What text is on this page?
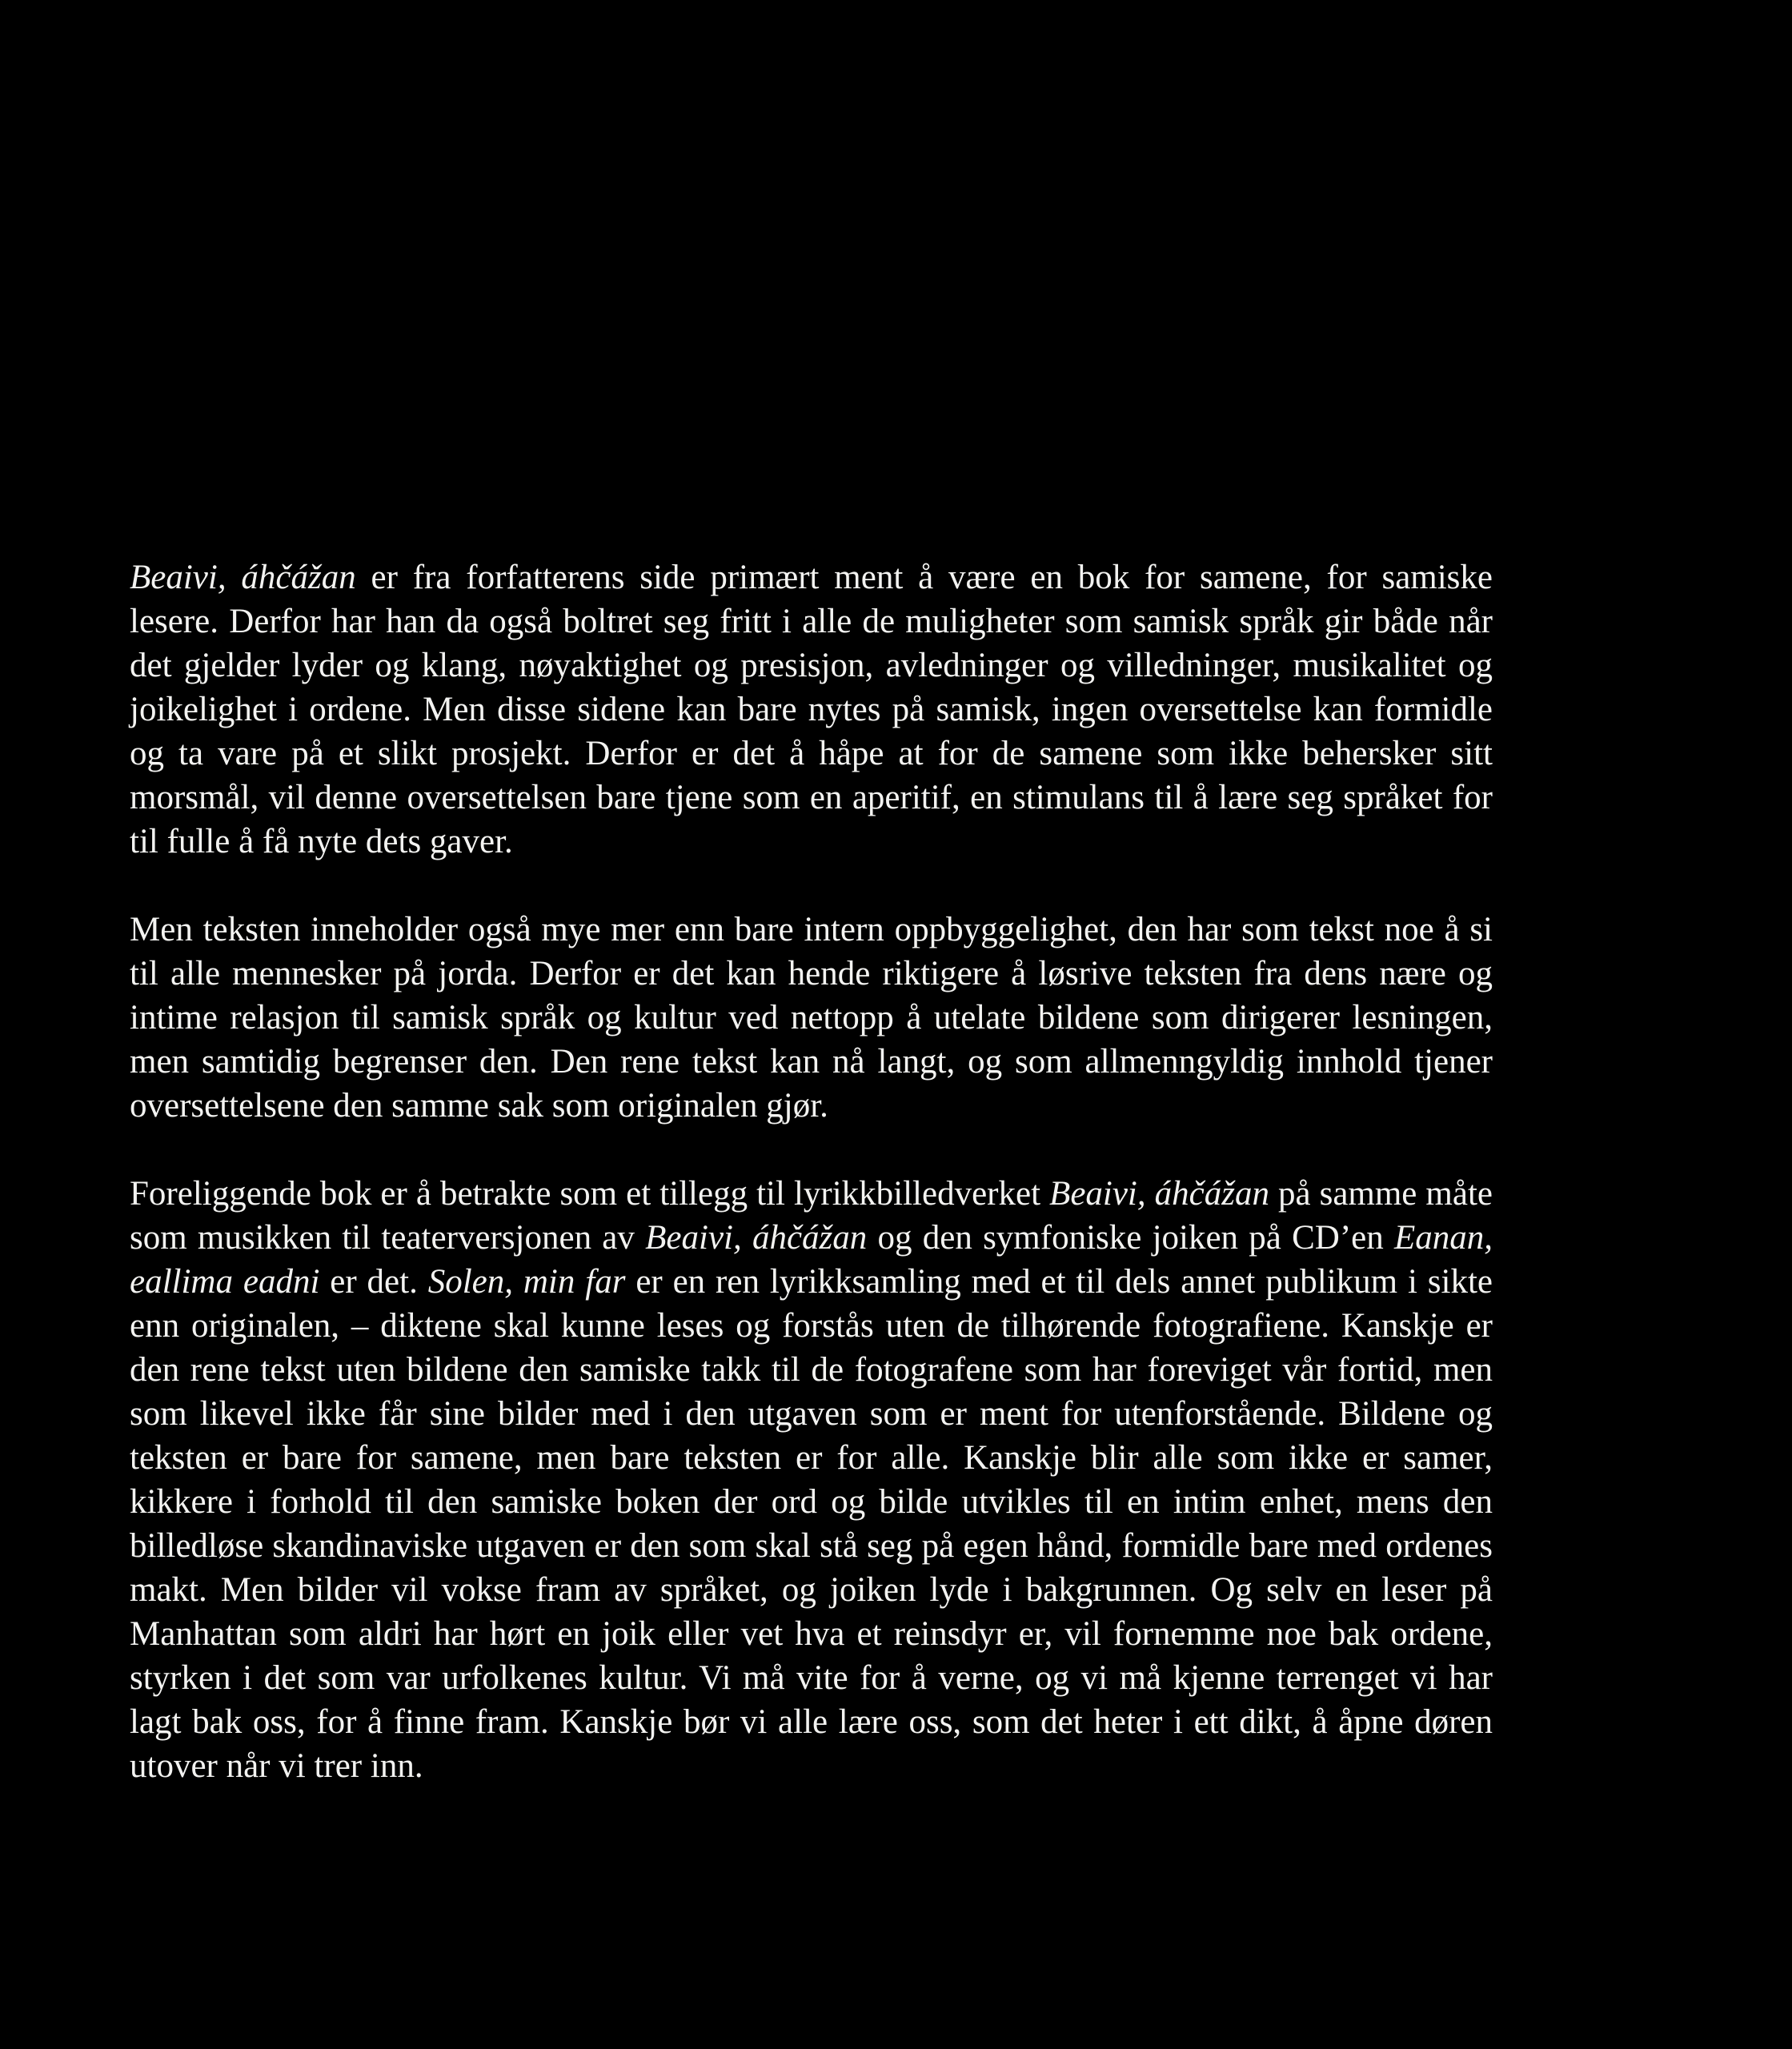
Beaivi, áhčážan er fra forfatterens side primært ment å være en bok for samene, for samiske lesere. Derfor har han da også boltret seg fritt i alle de muligheter som samisk språk gir både når det gjelder lyder og klang, nøyaktighet og presisjon, avledninger og villedninger, musikalitet og joikelighet i ordene. Men disse sidene kan bare nytes på samisk, ingen oversettelse kan formidle og ta vare på et slikt prosjekt. Derfor er det å håpe at for de samene som ikke behersker sitt morsmål, vil denne oversettelsen bare tjene som en aperitif, en stimulans til å lære seg språket for til fulle å få nyte dets gaver.

Men teksten inneholder også mye mer enn bare intern oppbyggelighet, den har som tekst noe å si til alle mennesker på jorda. Derfor er det kan hende riktigere å løsrive teksten fra dens nære og intime relasjon til samisk språk og kultur ved nettopp å utelate bildene som dirigerer lesningen, men samtidig begrenser den. Den rene tekst kan nå langt, og som allmenngyldig innhold tjener oversettelsene den samme sak som originalen gjør.

Foreliggende bok er å betrakte som et tillegg til lyrikkbilledverket Beaivi, áhčážan på samme måte som musikken til teaterversjonen av Beaivi, áhčážan og den symfoniske joiken på CD’en Eanan, eallima eadni er det. Solen, min far er en ren lyrikksamling med et til dels annet publikum i sikte enn originalen, – diktene skal kunne leses og forstås uten de tilhørende fotografiene. Kanskje er den rene tekst uten bildene den samiske takk til de fotografene som har foreviget vår fortid, men som likevel ikke får sine bilder med i den utgaven som er ment for utenforstående. Bildene og teksten er bare for samene, men bare teksten er for alle. Kanskje blir alle som ikke er samer, kikkere i forhold til den samiske boken der ord og bilde utvikles til en intim enhet, mens den billedløse skandinaviske utgaven er den som skal stå seg på egen hånd, formidle bare med ordenes makt. Men bilder vil vokse fram av språket, og joiken lyde i bakgrunnen. Og selv en leser på Manhattan som aldri har hørt en joik eller vet hva et reinsdyr er, vil fornemme noe bak ordene, styrken i det som var urfolkenes kultur. Vi må vite for å verne, og vi må kjenne terrenget vi har lagt bak oss, for å finne fram. Kanskje bør vi alle lære oss, som det heter i ett dikt, å åpne døren utover når vi trer inn.
